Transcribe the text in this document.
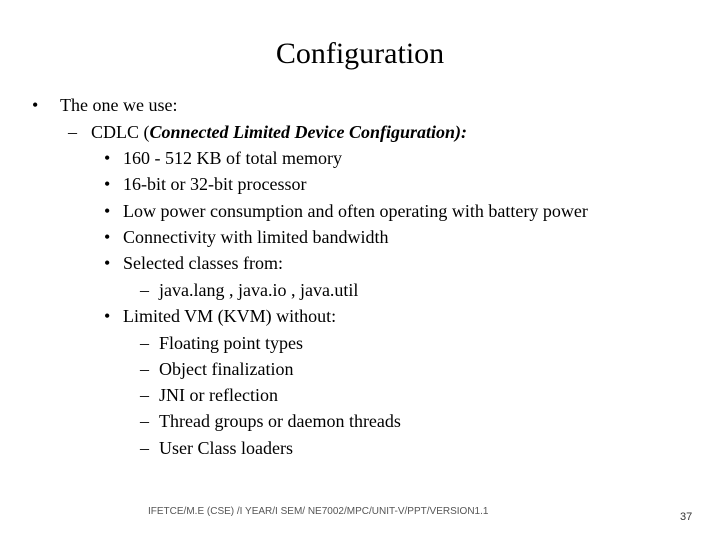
Configuration
• The one we use:
– CDLC (Connected Limited Device Configuration):
• 160 - 512 KB of total memory
• 16-bit or 32-bit processor
• Low power consumption and often operating with battery power
• Connectivity with limited bandwidth
• Selected classes from:
– java.lang , java.io , java.util
• Limited VM (KVM) without:
– Floating point types
– Object finalization
– JNI or reflection
– Thread groups or daemon threads
– User Class loaders
IFETCE/M.E (CSE) /I YEAR/I SEM/ NE7002/MPC/UNIT-V/PPT/VERSION1.1	37
